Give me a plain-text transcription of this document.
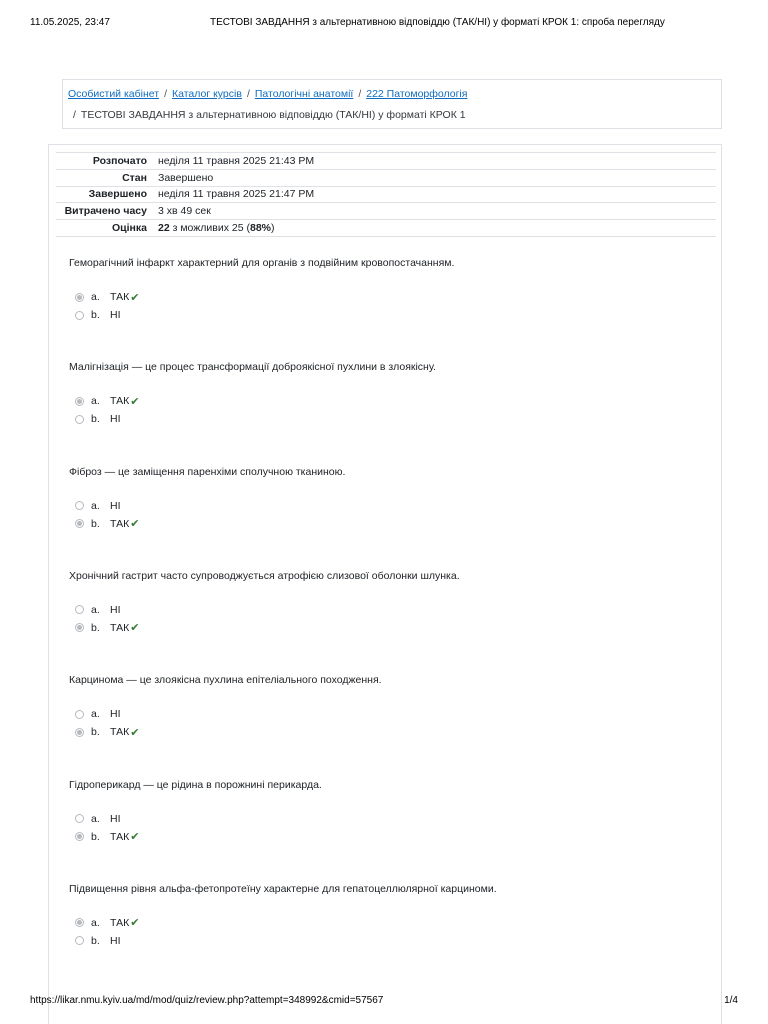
11.05.2025, 23:47	ТЕСТОВІ ЗАВДАННЯ з альтернативною відповіддю (ТАК/НІ) у форматі КРОК 1: спроба перегляду
Особистий кабінет / Каталог курсів / Патологічні анатомії / 222 Патоморфологія
/ ТЕСТОВІ ЗАВДАННЯ з альтернативною відповіддю (ТАК/НІ) у форматі КРОК 1
Розпочато	неділя 11 травня 2025 21:43 PM
Стан	Завершено
Завершено	неділя 11 травня 2025 21:47 PM
Витрачено часу	3 хв 49 сек
Оцінка	22 з можливих 25 (88%)
Геморагічний інфаркт характерний для органів з подвійним кровопостачанням.
a. ТАК ✔
b. НІ
Малігнізація — це процес трансформації доброякісної пухлини в злоякісну.
a. ТАК ✔
b. НІ
Фіброз — це заміщення паренхіми сполучною тканиною.
a. НІ
b. ТАК ✔
Хронічний гастрит часто супроводжується атрофією слизової оболонки шлунка.
a. НІ
b. ТАК ✔
Карцинома — це злоякісна пухлина епітеліального походження.
a. НІ
b. ТАК ✔
Гідроперикард — це рідина в порожнині перикарда.
a. НІ
b. ТАК ✔
Підвищення рівня альфа-фетопротеїну характерне для гепатоцеллюлярної карциноми.
a. ТАК ✔
b. НІ
https://likar.nmu.kyiv.ua/md/mod/quiz/review.php?attempt=348992&cmid=57567	1/4
